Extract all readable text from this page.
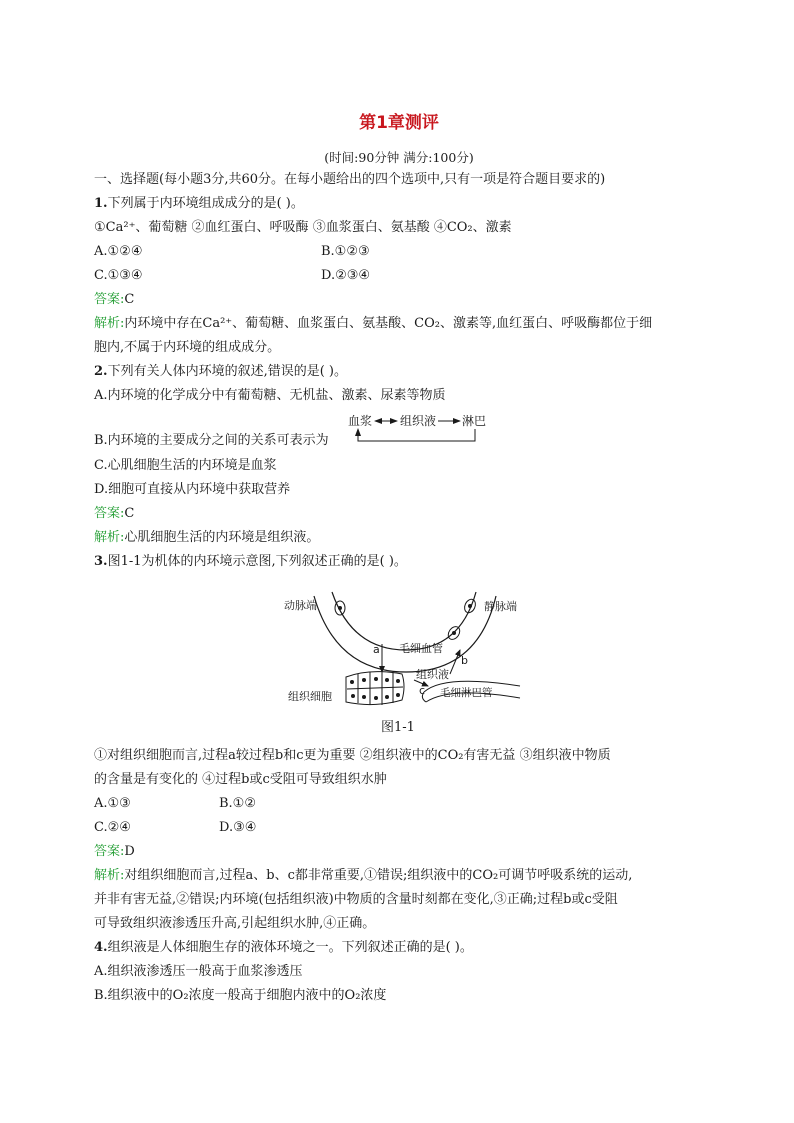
第1章测评
(时间:90分钟 满分:100分)
一、选择题(每小题3分,共60分。在每小题给出的四个选项中,只有一项是符合题目要求的)
1.下列属于内环境组成成分的是( )。
①Ca²⁺、葡萄糖 ②血红蛋白、呼吸酶 ③血浆蛋白、氨基酸 ④CO₂、激素
A.①②④	B.①②③
C.①③④	D.②③④
答案:C
解析:内环境中存在Ca²⁺、葡萄糖、血浆蛋白、氨基酸、CO₂、激素等,血红蛋白、呼吸酶都位于细
胞内,不属于内环境的组成成分。
2.下列有关人体内环境的叙述,错误的是( )。
A.内环境的化学成分中有葡萄糖、无机盐、激素、尿素等物质
血浆 组织液 淋巴
B.内环境的主要成分之间的关系可表示为
C.心肌细胞生活的内环境是血浆
D.细胞可直接从内环境中获取营养
答案:C
解析:心肌细胞生活的内环境是组织液。
3.图1-1为机体的内环境示意图,下列叙述正确的是( )。
动脉端	静脉端
毛细血管
组织液
组织细胞
a
b
毛细淋巴管
c
图1-1
①对组织细胞而言,过程a较过程b和c更为重要 ②组织液中的CO₂有害无益 ③组织液中物质
的含量是有变化的 ④过程b或c受阻可导致组织水肿
A.①③	B.①②
C.②④	D.③④
答案:D
解析:对组织细胞而言,过程a、b、c都非常重要,①错误;组织液中的CO₂可调节呼吸系统的运动,
并非有害无益,②错误;内环境(包括组织液)中物质的含量时刻都在变化,③正确;过程b或c受阻
可导致组织液渗透压升高,引起组织水肿,④正确。
4.组织液是人体细胞生存的液体环境之一。下列叙述正确的是( )。
A.组织液渗透压一般高于血浆渗透压
B.组织液中的O₂浓度一般高于细胞内液中的O₂浓度
